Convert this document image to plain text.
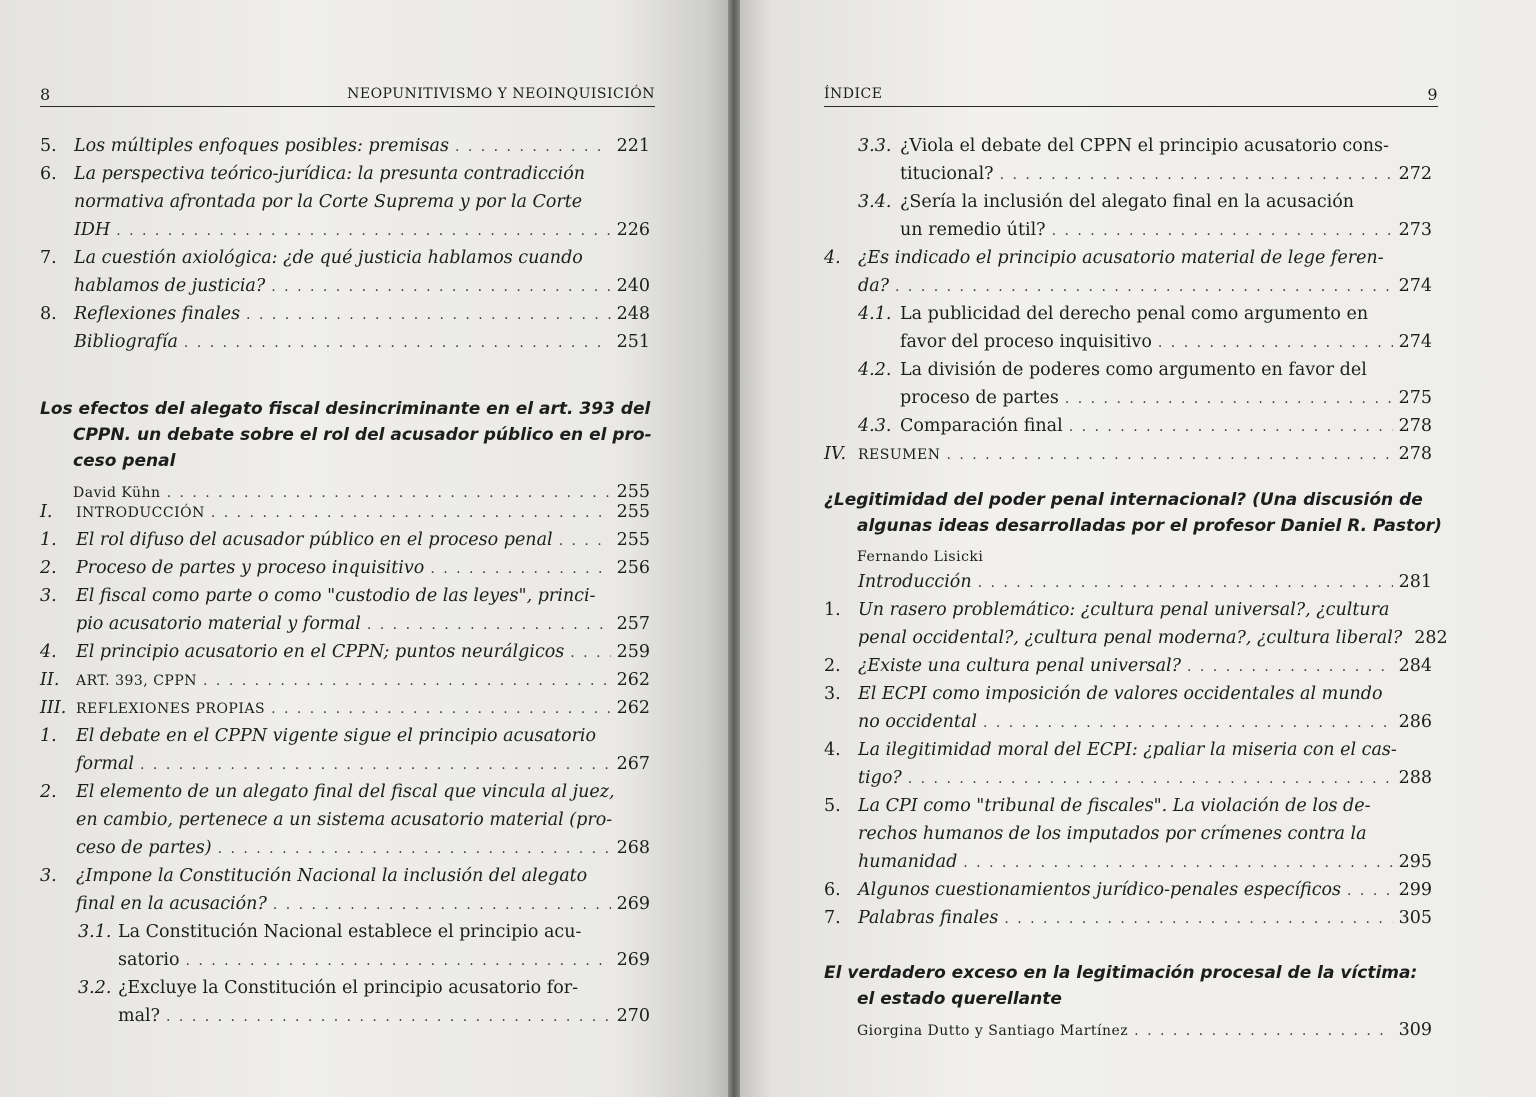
8	NEOPUNITIVISMO Y NEOINQUISICIÓN
5. Los múltiples enfoques posibles: premisas . . .	221
6. La perspectiva teórico-jurídica: la presunta contradicción
normativa afrontada por la Corte Suprema y por la Corte
IDH . . .	226
7. La cuestión axiológica: ¿de qué justicia hablamos cuando
hablamos de justicia? . . .	240
8. Reflexiones finales . . .	248
Bibliografía . . .	251
Los efectos del alegato fiscal desincriminante en el art. 393 del
CPPN. un debate sobre el rol del acusador público en el pro-
ceso penal
David Kühn . . .	255
I. INTRODUCCIÓN . . .	255
1. El rol difuso del acusador público en el proceso penal . . .	255
2. Proceso de partes y proceso inquisitivo . . .	256
3. El fiscal como parte o como "custodio de las leyes", princi-
pio acusatorio material y formal . . .	257
4. El principio acusatorio en el CPPN; puntos neurálgicos . . .	259
II. ART. 393, CPPN . . .	262
III. REFLEXIONES PROPIAS . . .	262
1. El debate en el CPPN vigente sigue el principio acusatorio
formal . . .	267
2. El elemento de un alegato final del fiscal que vincula al juez,
en cambio, pertenece a un sistema acusatorio material (pro-
ceso de partes) . . .	268
3. ¿Impone la Constitución Nacional la inclusión del alegato
final en la acusación? . . .	269
3.1. La Constitución Nacional establece el principio acu-
satorio . . .	269
3.2. ¿Excluye la Constitución el principio acusatorio for-
mal? . . .	270
ÍNDICE	9
3.3. ¿Viola el debate del CPPN el principio acusatorio cons-
titucional? . . .	272
3.4. ¿Sería la inclusión del alegato final en la acusación
un remedio útil? . . .	273
4. ¿Es indicado el principio acusatorio material de lege feren-
da? . . .	274
4.1. La publicidad del derecho penal como argumento en
favor del proceso inquisitivo . . .	274
4.2. La división de poderes como argumento en favor del
proceso de partes . . .	275
4.3. Comparación final . . .	278
IV. RESUMEN . . .	278
¿Legitimidad del poder penal internacional? (Una discusión de
algunas ideas desarrolladas por el profesor Daniel R. Pastor)
Fernando Lisicki
Introducción . . .	281
1. Un rasero problemático: ¿cultura penal universal?, ¿cultura
penal occidental?, ¿cultura penal moderna?, ¿cultura liberal? 282
2. ¿Existe una cultura penal universal? . . .	284
3. El ECPI como imposición de valores occidentales al mundo
no occidental . . .	286
4. La ilegitimidad moral del ECPI: ¿paliar la miseria con el cas-
tigo? . . .	288
5. La CPI como "tribunal de fiscales". La violación de los de-
rechos humanos de los imputados por crímenes contra la
humanidad . . .	295
6. Algunos cuestionamientos jurídico-penales específicos . . .	299
7. Palabras finales . . .	305
El verdadero exceso en la legitimación procesal de la víctima:
el estado querellante
Giorgina Dutto y Santiago Martínez . . .	309
